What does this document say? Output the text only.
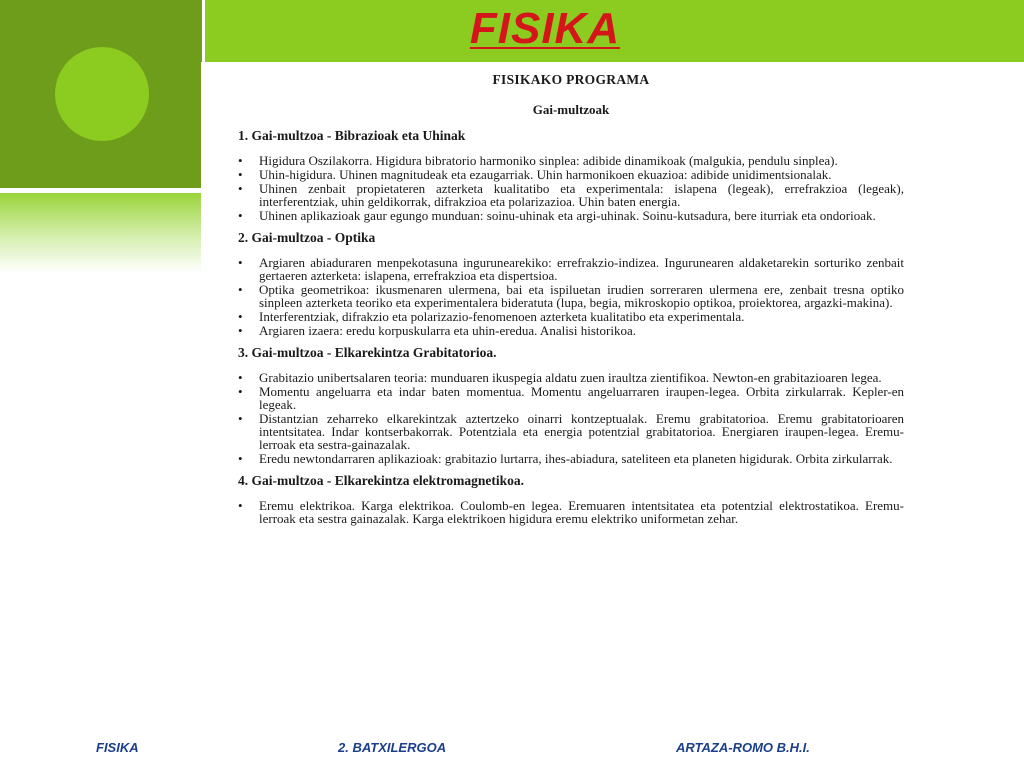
FISIKA
FISIKAKO PROGRAMA
Gai-multzoak
1. Gai-multzoa - Bibrazioak eta Uhinak
• Higidura Oszilakorra. Higidura bibratorio harmoniko sinplea: adibide dinamikoak (malgukia, pendulu sinplea).
• Uhin-higidura. Uhinen magnitudeak eta ezaugarriak. Uhin harmonikoen ekuazioa: adibide unidimentsionalak.
• Uhinen zenbait propietateren azterketa kualitatibo eta experimentala: islapena (legeak), errefrakzioa (legeak), interferentziak, uhin geldikorrak, difrakzioa eta polarizazioa. Uhin baten energia.
• Uhinen aplikazioak gaur egungo munduan: soinu-uhinak eta argi-uhinak. Soinu-kutsadura, bere iturriak eta ondorioak.
2. Gai-multzoa - Optika
• Argiaren abiaduraren menpekotasuna ingurunearekiko: errefrakzio-indizea. Ingurunearen aldaketarekin sorturiko zenbait gertaeren azterketa: islapena, errefrakzioa eta dispertsioa.
• Optika geometrikoa: ikusmenaren ulermena, bai eta ispiluetan irudien sorreraren ulermena ere, zenbait tresna optiko sinpleen azterketa teoriko eta experimentalera bideratuta (lupa, begia, mikroskopio optikoa, proiektorea, argazki-makina).
• Interferentziak, difrakzio eta polarizazio-fenomenoen azterketa kualitatibo eta experimentala.
• Argiaren izaera: eredu korpuskularra eta uhin-eredua. Analisi historikoa.
3. Gai-multzoa - Elkarekintza Grabitatorioa.
• Grabitazio unibertsalaren teoria: munduaren ikuspegia aldatu zuen iraultza zientifikoa. Newton-en grabitazioaren legea.
• Momentu angeluarra eta indar baten momentua. Momentu angeluarraren iraupen-legea. Orbita zirkularrak. Kepler-en legeak.
• Distantzian zeharreko elkarekintzak aztertzeko oinarri kontzeptualak. Eremu grabitatorioa. Eremu grabitatorioaren intentsitatea. Indar kontserbakorrak. Potentziala eta energia potentzial grabitatorioa. Energiaren iraupen-legea. Eremu-lerroak eta sestra-gainazalak.
• Eredu newtondarraren aplikazioak: grabitazio lurtarra, ihes-abiadura, sateliteen eta planeten higidurak. Orbita zirkularrak.
4. Gai-multzoa - Elkarekintza elektromagnetikoa.
• Eremu elektrikoa. Karga elektrikoa. Coulomb-en legea. Eremuaren intentsitatea eta potentzial elektrostatikoa. Eremu-lerroak eta sestra gainazalak. Karga elektrikoen higidura eremu elektriko uniformetan zehar.
FISIKA	2. BATXILERGOA	ARTAZA-ROMO B.H.I.
